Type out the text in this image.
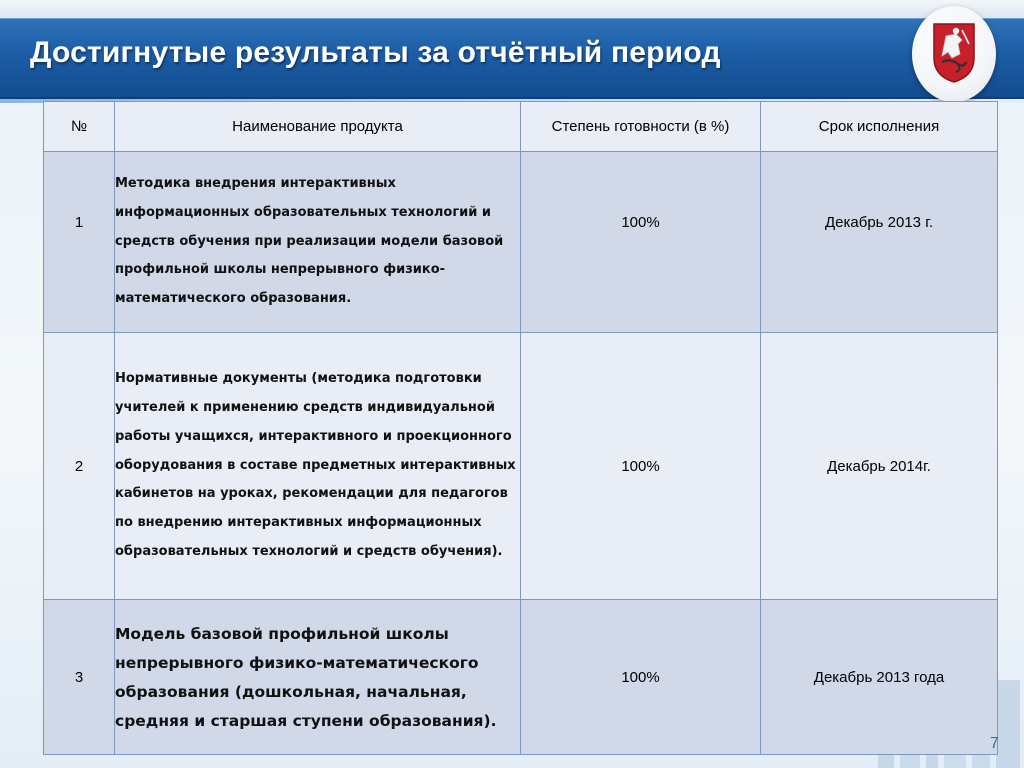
Достигнутые результаты за отчётный период
№	Наименование продукта	Степень готовности (в %)	Срок исполнения
1	Методика внедрения интерактивных информационных образовательных технологий и средств обучения при реализации модели базовой профильной школы непрерывного физико-математического образования.	100%	Декабрь 2013 г.
2	Нормативные документы (методика подготовки учителей к применению средств индивидуальной работы учащихся, интерактивного и проекционного оборудования в составе предметных интерактивных кабинетов на уроках, рекомендации для педагогов по внедрению интерактивных информационных образовательных технологий и средств обучения).	100%	Декабрь 2014г.
3	Модель базовой профильной школы непрерывного физико-математического образования (дошкольная, начальная, средняя и старшая ступени образования).	100%	Декабрь 2013 года
7
